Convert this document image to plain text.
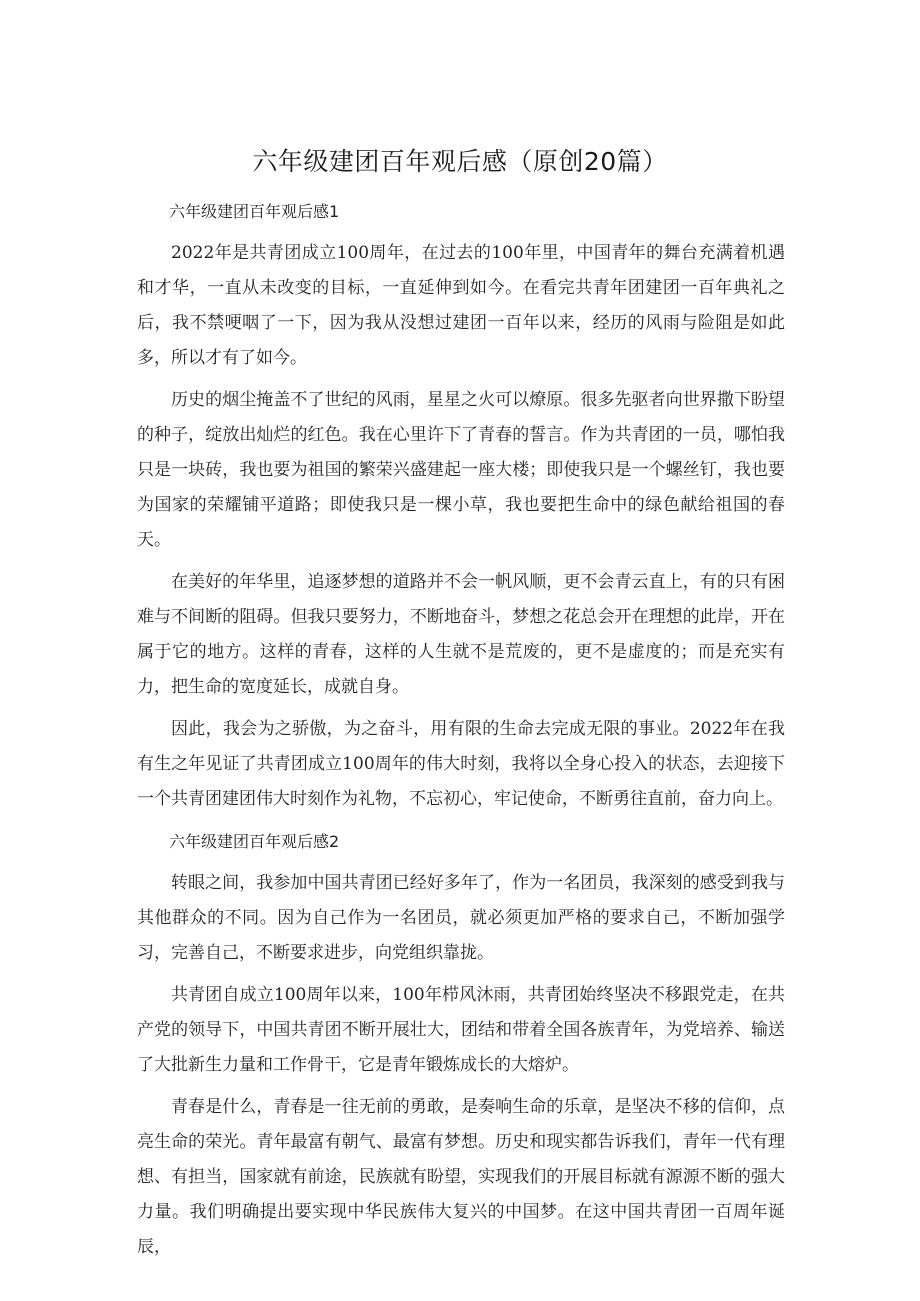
六年级建团百年观后感（原创20篇）

六年级建团百年观后感1

2022年是共青团成立100周年，在过去的100年里，中国青年的舞台充满着机遇和才华，一直从未改变的目标，一直延伸到如今。在看完共青年团建团一百年典礼之后，我不禁哽咽了一下，因为我从没想过建团一百年以来，经历的风雨与险阻是如此多，所以才有了如今。

历史的烟尘掩盖不了世纪的风雨，星星之火可以燎原。很多先驱者向世界撒下盼望的种子，绽放出灿烂的红色。我在心里许下了青春的誓言。作为共青团的一员，哪怕我只是一块砖，我也要为祖国的繁荣兴盛建起一座大楼；即使我只是一个螺丝钉，我也要为国家的荣耀铺平道路；即使我只是一棵小草，我也要把生命中的绿色献给祖国的春天。

在美好的年华里，追逐梦想的道路并不会一帆风顺，更不会青云直上，有的只有困难与不间断的阻碍。但我只要努力，不断地奋斗，梦想之花总会开在理想的此岸，开在属于它的地方。这样的青春，这样的人生就不是荒废的，更不是虚度的；而是充实有力，把生命的宽度延长，成就自身。

因此，我会为之骄傲，为之奋斗，用有限的生命去完成无限的事业。2022年在我有生之年见证了共青团成立100周年的伟大时刻，我将以全身心投入的状态，去迎接下一个共青团建团伟大时刻作为礼物，不忘初心，牢记使命，不断勇往直前，奋力向上。

六年级建团百年观后感2

转眼之间，我参加中国共青团已经好多年了，作为一名团员，我深刻的感受到我与其他群众的不同。因为自己作为一名团员，就必须更加严格的要求自己，不断加强学习，完善自己，不断要求进步，向党组织靠拢。

共青团自成立100周年以来，100年栉风沐雨，共青团始终坚决不移跟党走，在共产党的领导下，中国共青团不断开展壮大，团结和带着全国各族青年，为党培养、输送了大批新生力量和工作骨干，它是青年锻炼成长的大熔炉。

青春是什么，青春是一往无前的勇敢，是奏响生命的乐章，是坚决不移的信仰，点亮生命的荣光。青年最富有朝气、最富有梦想。历史和现实都告诉我们，青年一代有理想、有担当，国家就有前途，民族就有盼望，实现我们的开展目标就有源源不断的强大力量。我们明确提出要实现中华民族伟大复兴的中国梦。在这中国共青团一百周年诞辰，
